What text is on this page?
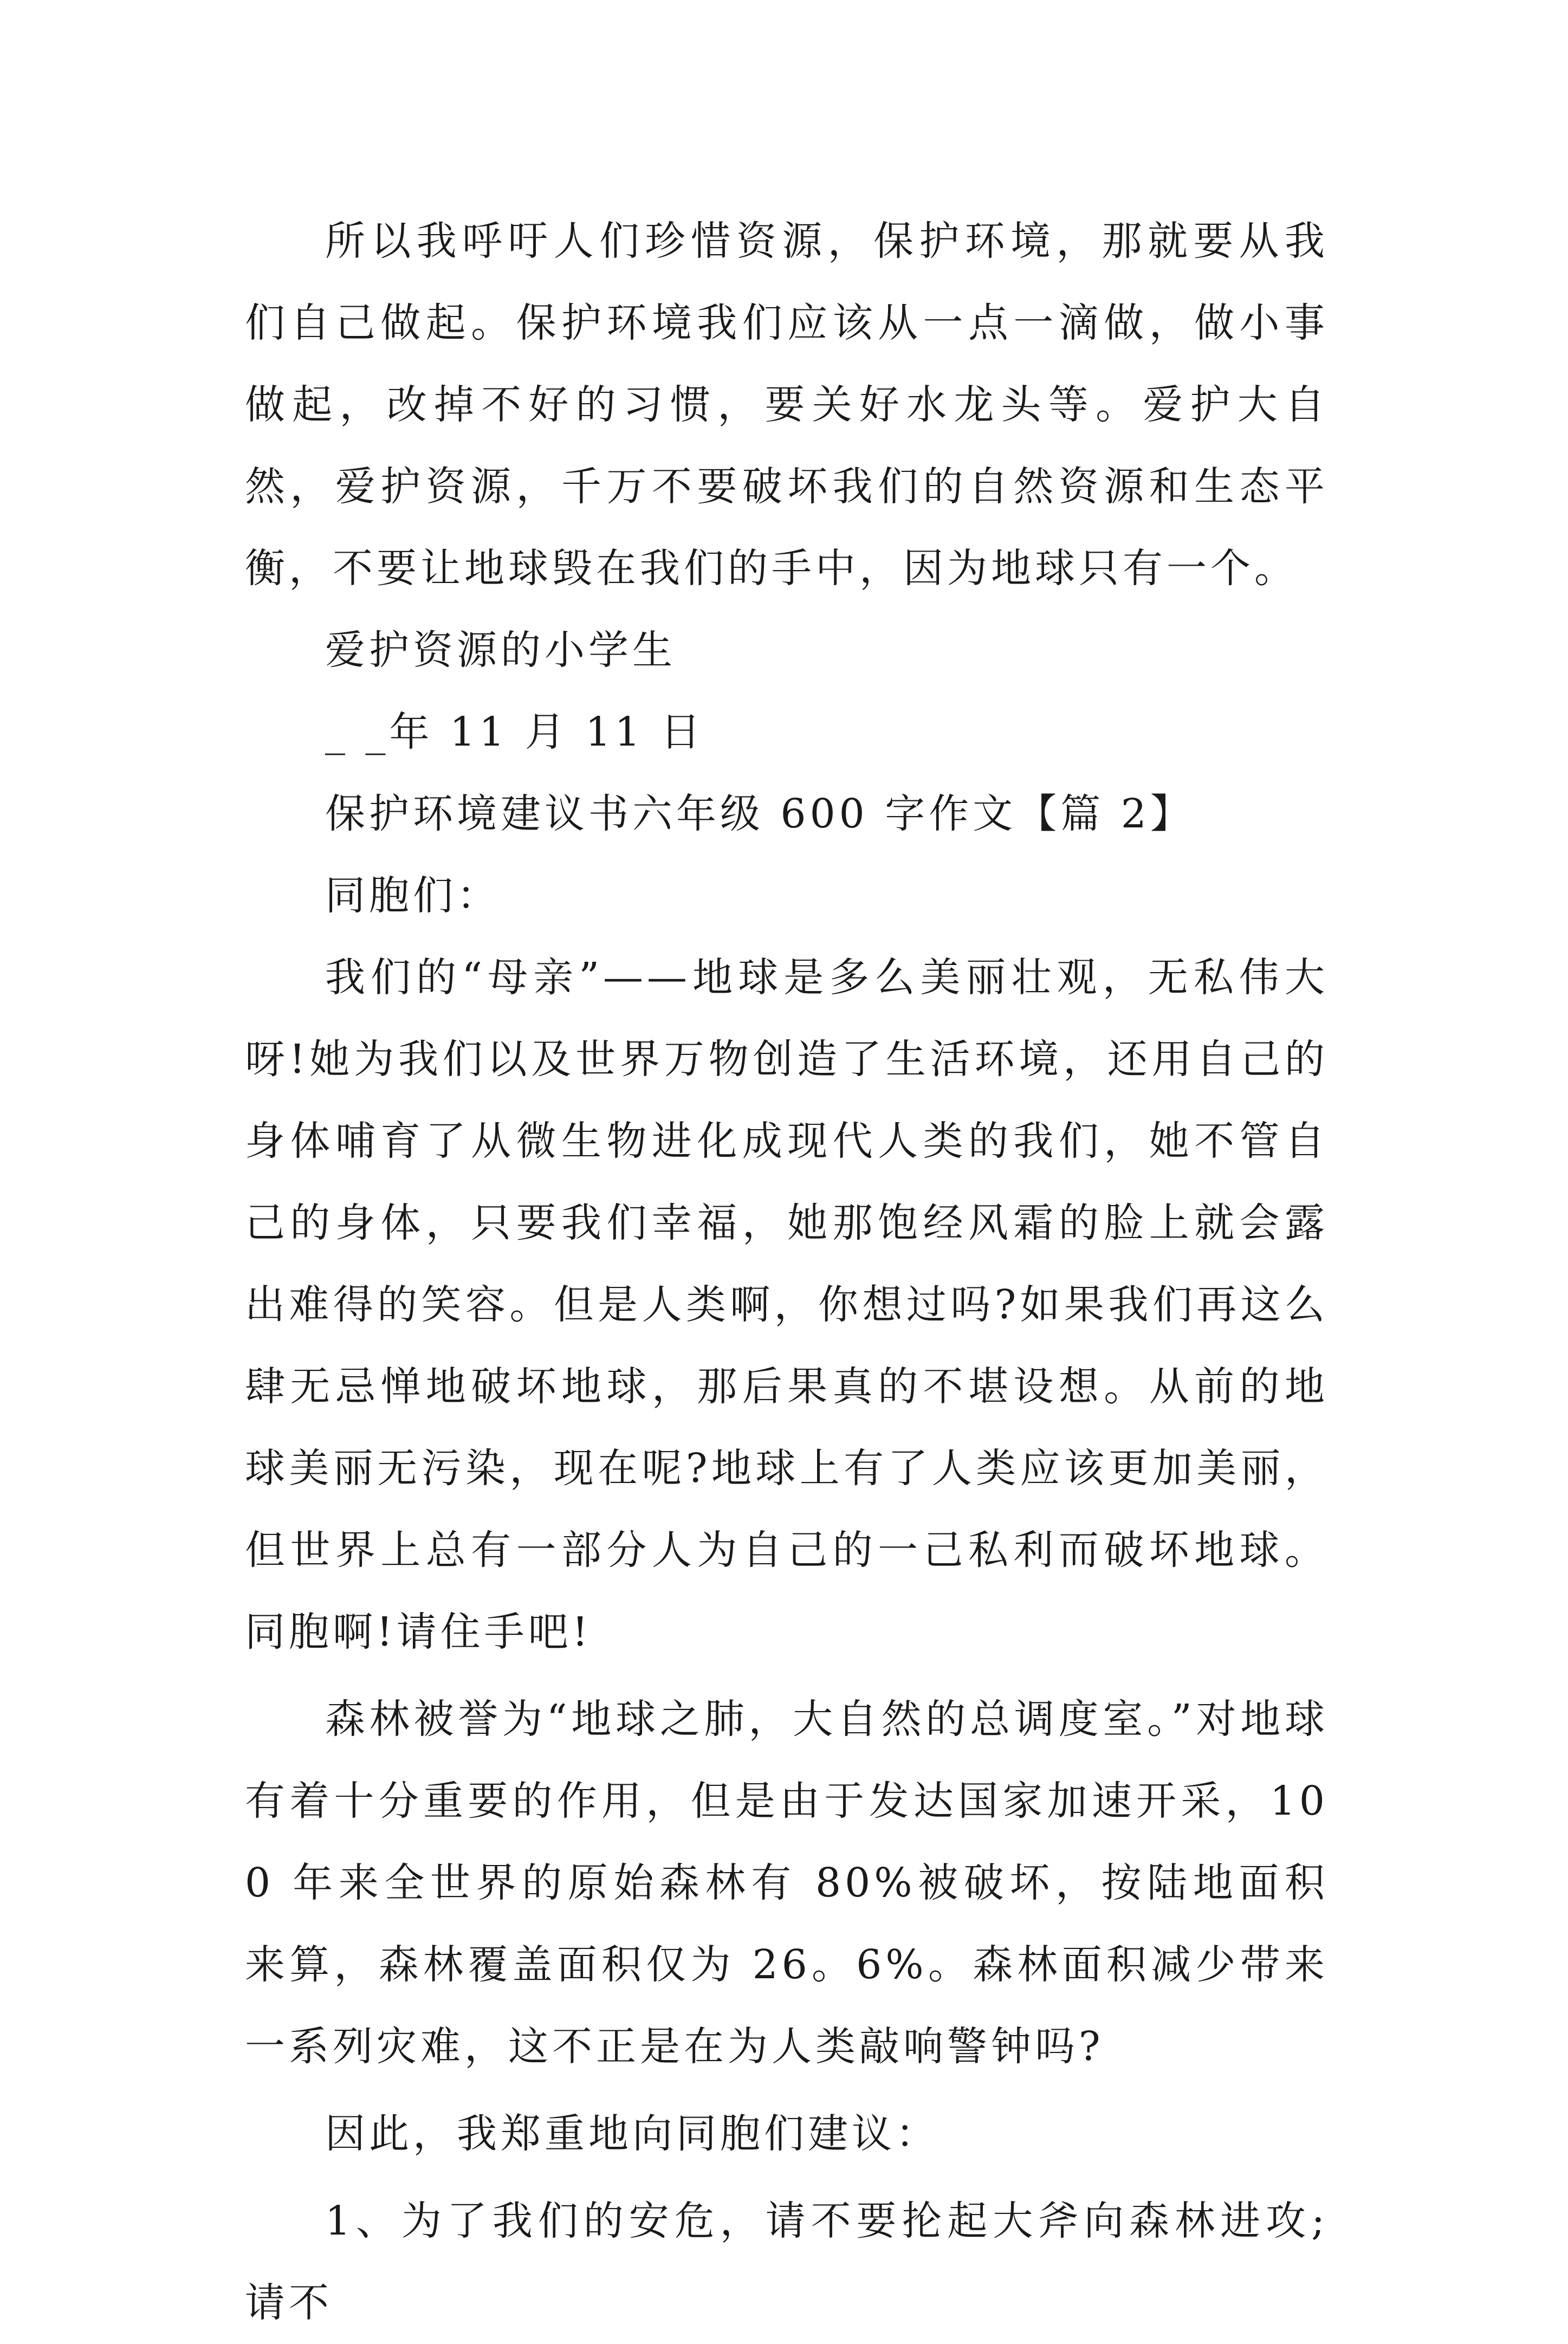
所以我呼吁人们珍惜资源，保护环境，那就要从我们自己做起。保护环境我们应该从一点一滴做，做小事做起，改掉不好的习惯，要关好水龙头等。爱护大自然，爱护资源，千万不要破坏我们的自然资源和生态平衡，不要让地球毁在我们的手中，因为地球只有一个。

爱护资源的小学生

_ _年 11 月 11 日

保护环境建议书六年级 600 字作文【篇 2】

同胞们：

我们的“母亲”——地球是多么美丽壮观，无私伟大呀!她为我们以及世界万物创造了生活环境，还用自己的身体哺育了从微生物进化成现代人类的我们，她不管自己的身体，只要我们幸福，她那饱经风霜的脸上就会露出难得的笑容。但是人类啊，你想过吗?如果我们再这么肆无忌惮地破坏地球，那后果真的不堪设想。从前的地球美丽无污染，现在呢?地球上有了人类应该更加美丽，但世界上总有一部分人为自己的一己私利而破坏地球。同胞啊!请住手吧!

森林被誉为“地球之肺，大自然的总调度室。”对地球有着十分重要的作用，但是由于发达国家加速开采，100 年来全世界的原始森林有 80%被破坏，按陆地面积来算，森林覆盖面积仅为 26。6%。森林面积减少带来一系列灾难，这不正是在为人类敲响警钟吗?

因此，我郑重地向同胞们建议：

1、为了我们的安危，请不要抡起大斧向森林进攻;请不
